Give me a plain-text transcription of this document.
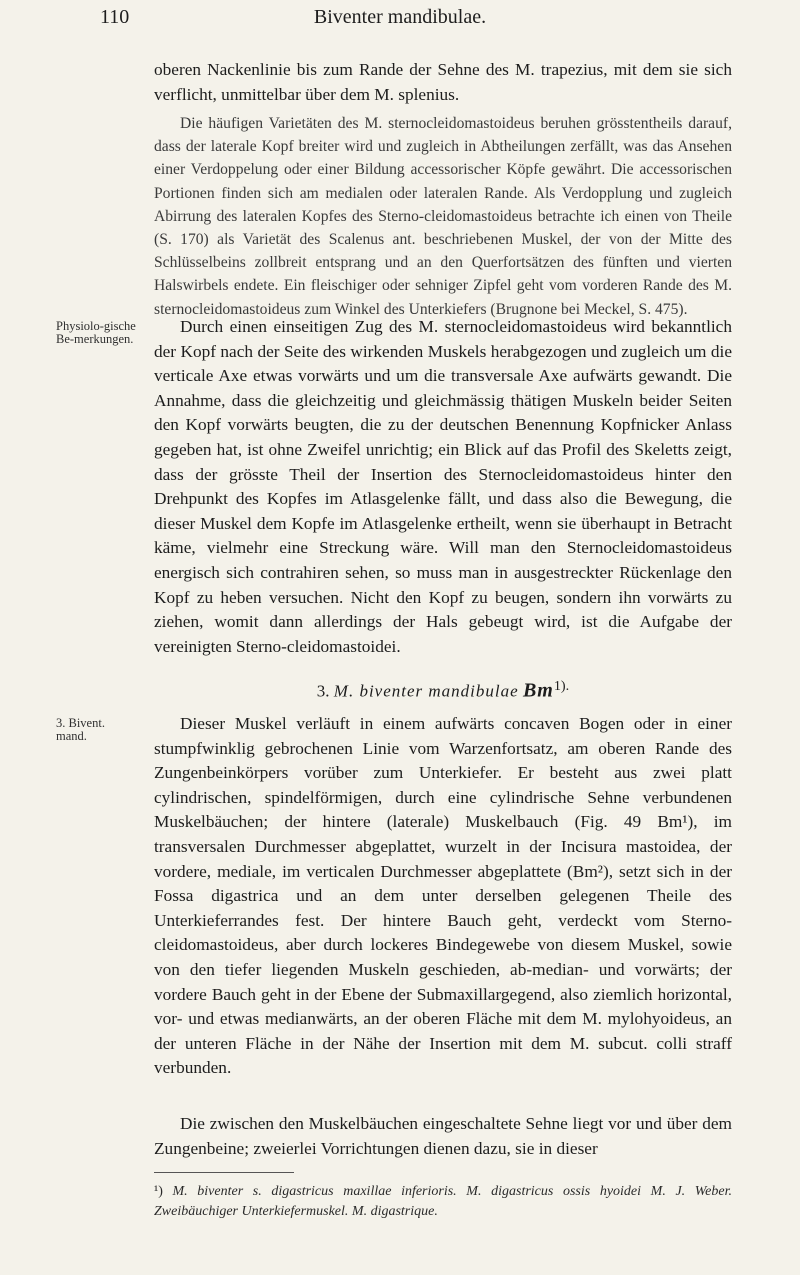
110	Biventer mandibulae.

oberen Nackenlinie bis zum Rande der Sehne des M. trapezius, mit dem sie sich verflicht, unmittelbar über dem M. splenius.

Die häufigen Varietäten des M. sternocleidomastoideus beruhen grösstentheils darauf, dass der laterale Kopf breiter wird und zugleich in Abtheilungen zerfällt, was das Ansehen einer Verdoppelung oder einer Bildung accessorischer Köpfe gewährt. Die accessorischen Portionen finden sich am medialen oder lateralen Rande. Als Verdopplung und zugleich Abirrung des lateralen Kopfes des Sterno-cleidomastoideus betrachte ich einen von Theile (S. 170) als Varietät des Scalenus ant. beschriebenen Muskel, der von der Mitte des Schlüsselbeins zollbreit entsprang und an den Querfortsätzen des fünften und vierten Halswirbels endete. Ein fleischiger oder sehniger Zipfel geht vom vorderen Rande des M. sternocleidomastoideus zum Winkel des Unterkiefers (Brugnone bei Meckel, S. 475).

Physiolo-gische Be-merkungen.

Durch einen einseitigen Zug des M. sternocleidomastoideus wird bekanntlich der Kopf nach der Seite des wirkenden Muskels herabgezogen und zugleich um die verticale Axe etwas vorwärts und um die transversale Axe aufwärts gewandt. Die Annahme, dass die gleichzeitig und gleichmässig thätigen Muskeln beider Seiten den Kopf vorwärts beugten, die zu der deutschen Benennung Kopfnicker Anlass gegeben hat, ist ohne Zweifel unrichtig; ein Blick auf das Profil des Skeletts zeigt, dass der grösste Theil der Insertion des Sternocleidomastoideus hinter den Drehpunkt des Kopfes im Atlasgelenke fällt, und dass also die Bewegung, die dieser Muskel dem Kopfe im Atlasgelenke ertheilt, wenn sie überhaupt in Betracht käme, vielmehr eine Streckung wäre. Will man den Sternocleidomastoideus energisch sich contrahiren sehen, so muss man in ausgestreckter Rückenlage den Kopf zu heben versuchen. Nicht den Kopf zu beugen, sondern ihn vorwärts zu ziehen, womit dann allerdings der Hals gebeugt wird, ist die Aufgabe der vereinigten Sterno-cleidomastoidei.

3. M. biventer mandibulae $Bm^{1).}$
3. Bivent. mand.

Dieser Muskel verläuft in einem aufwärts concaven Bogen oder in einer stumpfwinklig gebrochenen Linie vom Warzenfortsatz, am oberen Rande des Zungenbeinkörpers vorüber zum Unterkiefer. Er besteht aus zwei platt cylindrischen, spindelförmigen, durch eine cylindrische Sehne verbundenen Muskelbäuchen; der hintere (laterale) Muskelbauch (Fig. 49 Bm¹), im transversalen Durchmesser abgeplattet, wurzelt in der Incisura mastoidea, der vordere, mediale, im verticalen Durchmesser abgeplattete (Bm²), setzt sich in der Fossa digastrica und an dem unter derselben gelegenen Theile des Unterkieferrandes fest. Der hintere Bauch geht, verdeckt vom Sterno-cleidomastoideus, aber durch lockeres Bindegewebe von diesem Muskel, sowie von den tiefer liegenden Muskeln geschieden, ab-median- und vorwärts; der vordere Bauch geht in der Ebene der Submaxillargegend, also ziemlich horizontal, vor- und etwas medianwärts, an der oberen Fläche mit dem M. mylohyoideus, an der unteren Fläche in der Nähe der Insertion mit dem M. subcut. colli straff verbunden.

Die zwischen den Muskelbäuchen eingeschaltete Sehne liegt vor und über dem Zungenbeine; zweierlei Vorrichtungen dienen dazu, sie in dieser

¹) M. biventer s. digastricus maxillae inferioris. M. digastricus ossis hyoidei M. J. Weber. Zweibäuchiger Unterkiefermuskel. M. digastrique.
